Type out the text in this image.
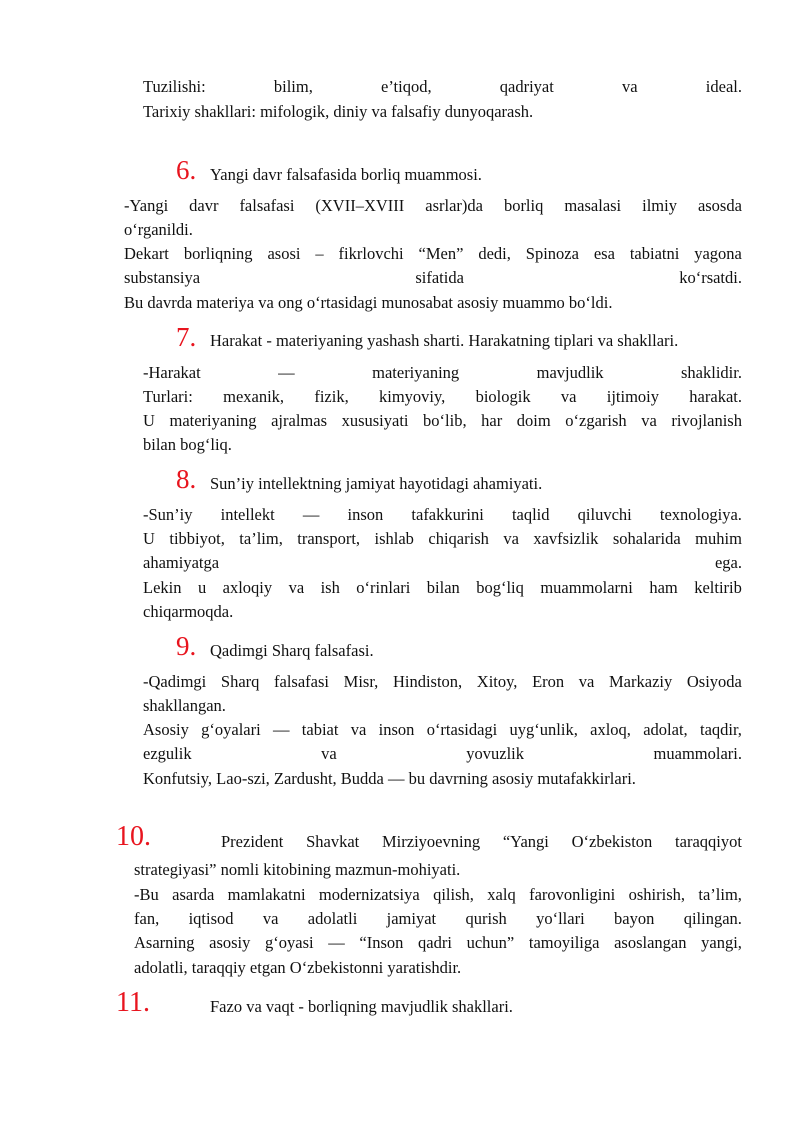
Tuzilishi:	bilim,	e’tiqod,	qadriyat	va	ideal.
Tarixiy shakllari: mifologik, diniy va falsafiy dunyoqarash.
6. Yangi davr falsafasida borliq muammosi.
-Yangi davr falsafasi (XVII–XVIII asrlar)da borliq masalasi ilmiy asosda
o‘rganildi.
Dekart borliqning asosi – fikrlovchi “Men” dedi, Spinoza esa tabiatni yagona
substansiya	sifatida	ko‘rsatdi.
Bu davrda materiya va ong o‘rtasidagi munosabat asosiy muammo bo‘ldi.
7. Harakat - materiyaning yashash sharti. Harakatning tiplari va shakllari.
-Harakat	—	materiyaning	mavjudlik	shaklidir.
Turlari: mexanik, fizik, kimyoviy, biologik va ijtimoiy harakat.
U materiyaning ajralmas xususiyati bo‘lib, har doim o‘zgarish va rivojlanish
bilan bog‘liq.
8. Sun’iy intellektning jamiyat hayotidagi ahamiyati.
-Sun’iy intellekt — inson tafakkurini taqlid qiluvchi texnologiya.
U tibbiyot, ta’lim, transport, ishlab chiqarish va xavfsizlik sohalarida muhim
ahamiyatga	ega.
Lekin u axloqiy va ish o‘rinlari bilan bog‘liq muammolarni ham keltirib
chiqarmoqda.
9. Qadimgi Sharq falsafasi.
-Qadimgi Sharq falsafasi Misr, Hindiston, Xitoy, Eron va Markaziy Osiyoda
shakllangan.
Asosiy g‘oyalari — tabiat va inson o‘rtasidagi uyg‘unlik, axloq, adolat, taqdir,
ezgulik	va	yovuzlik	muammolari.
Konfutsiy, Lao-szi, Zardusht, Budda — bu davrning asosiy mutafakkirlari.
10.	Prezident Shavkat Mirziyoevning “Yangi O‘zbekiston taraqqiyot
strategiyasi” nomli kitobining mazmun-mohiyati.
-Bu asarda mamlakatni modernizatsiya qilish, xalq farovonligini oshirish, ta’lim,
fan, iqtisod va adolatli jamiyat qurish yo‘llari bayon qilingan.
Asarning asosiy g‘oyasi — “Inson qadri uchun” tamoyiliga asoslangan yangi,
adolatli, taraqqiy etgan O‘zbekistonni yaratishdir.
11.	Fazo va vaqt - borliqning mavjudlik shakllari.
